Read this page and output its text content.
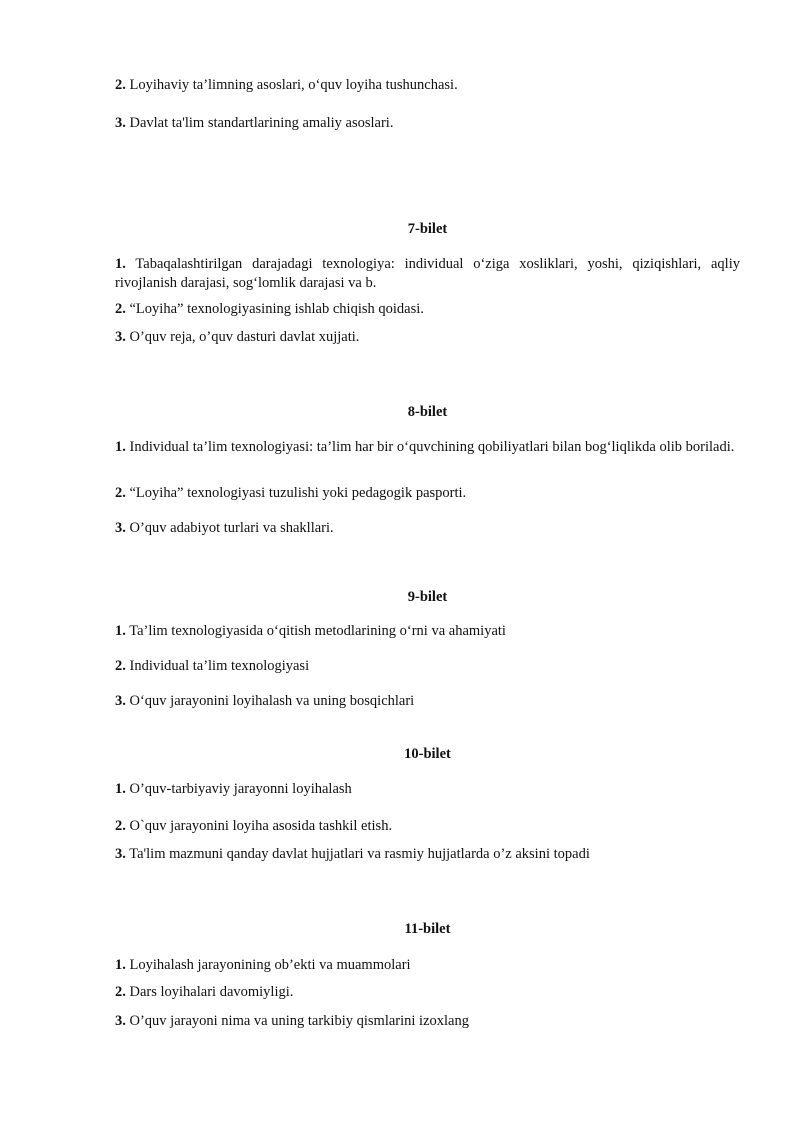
2. Loyihaviy ta’limning asoslari, o‘quv loyiha tushunchasi.
3. Davlat ta'lim standartlarining amaliy asoslari.
7-bilet
1. Tabaqalashtirilgan darajadagi texnologiya: individual o‘ziga xosliklari, yoshi, qiziqishlari, aqliy rivojlanish darajasi, sog‘lomlik darajasi va b.
2. “Loyiha” texnologiyasining ishlab chiqish qoidasi.
3. O’quv reja, o’quv dasturi davlat xujjati.
8-bilet
1. Individual ta’lim texnologiyasi: ta’lim har bir o‘quvchining qobiliyatlari bilan bog‘liqlikda olib boriladi.
2. “Loyiha” texnologiyasi tuzulishi yoki pedagogik pasporti.
3. O’quv adabiyot turlari va shakllari.
9-bilet
1. Ta’lim texnologiyasida o‘qitish metodlarining o‘rni va ahamiyati
2. Individual ta’lim texnologiyasi
3. O‘quv jarayonini loyihalash va uning bosqichlari
10-bilet
1. O’quv-tarbiyaviy jarayonni loyihalash
2. O`quv jarayonini loyiha asosida tashkil etish.
3. Ta'lim mazmuni qanday davlat hujjatlari va rasmiy hujjatlarda o’z aksini topadi
11-bilet
1. Loyihalash jarayonining ob’ekti va muammolari
2. Dars loyihalari davomiyligi.
3. O’quv jarayoni nima va uning tarkibiy qismlarini izoxlang
